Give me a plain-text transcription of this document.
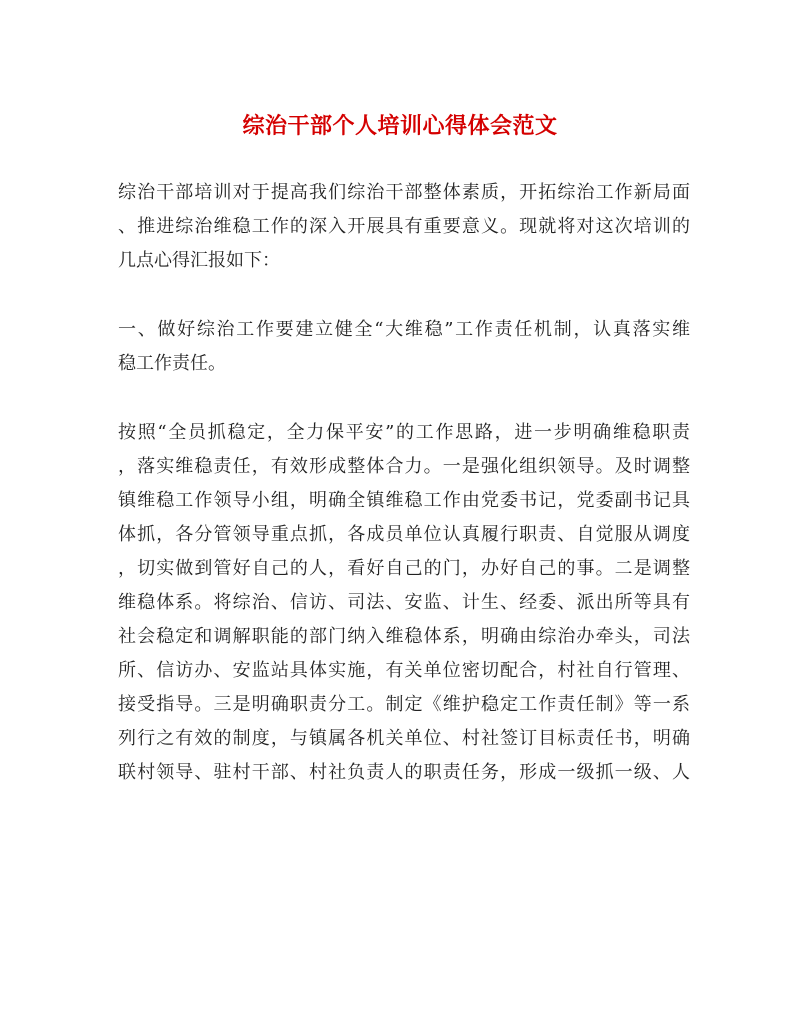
综治干部个人培训心得体会范文
综治干部培训对于提高我们综治干部整体素质，开拓综治工作新局面
、推进综治维稳工作的深入开展具有重要意义。现就将对这次培训的
几点心得汇报如下：
一、做好综治工作要建立健全“大维稳”工作责任机制，认真落实维
稳工作责任。
按照“全员抓稳定，全力保平安”的工作思路，进一步明确维稳职责
，落实维稳责任，有效形成整体合力。一是强化组织领导。及时调整
镇维稳工作领导小组，明确全镇维稳工作由党委书记，党委副书记具
体抓，各分管领导重点抓，各成员单位认真履行职责、自觉服从调度
，切实做到管好自己的人，看好自己的门，办好自己的事。二是调整
维稳体系。将综治、信访、司法、安监、计生、经委、派出所等具有
社会稳定和调解职能的部门纳入维稳体系，明确由综治办牵头，司法
所、信访办、安监站具体实施，有关单位密切配合，村社自行管理、
接受指导。三是明确职责分工。制定《维护稳定工作责任制》等一系
列行之有效的制度，与镇属各机关单位、村社签订目标责任书，明确
联村领导、驻村干部、村社负责人的职责任务，形成一级抓一级、人
